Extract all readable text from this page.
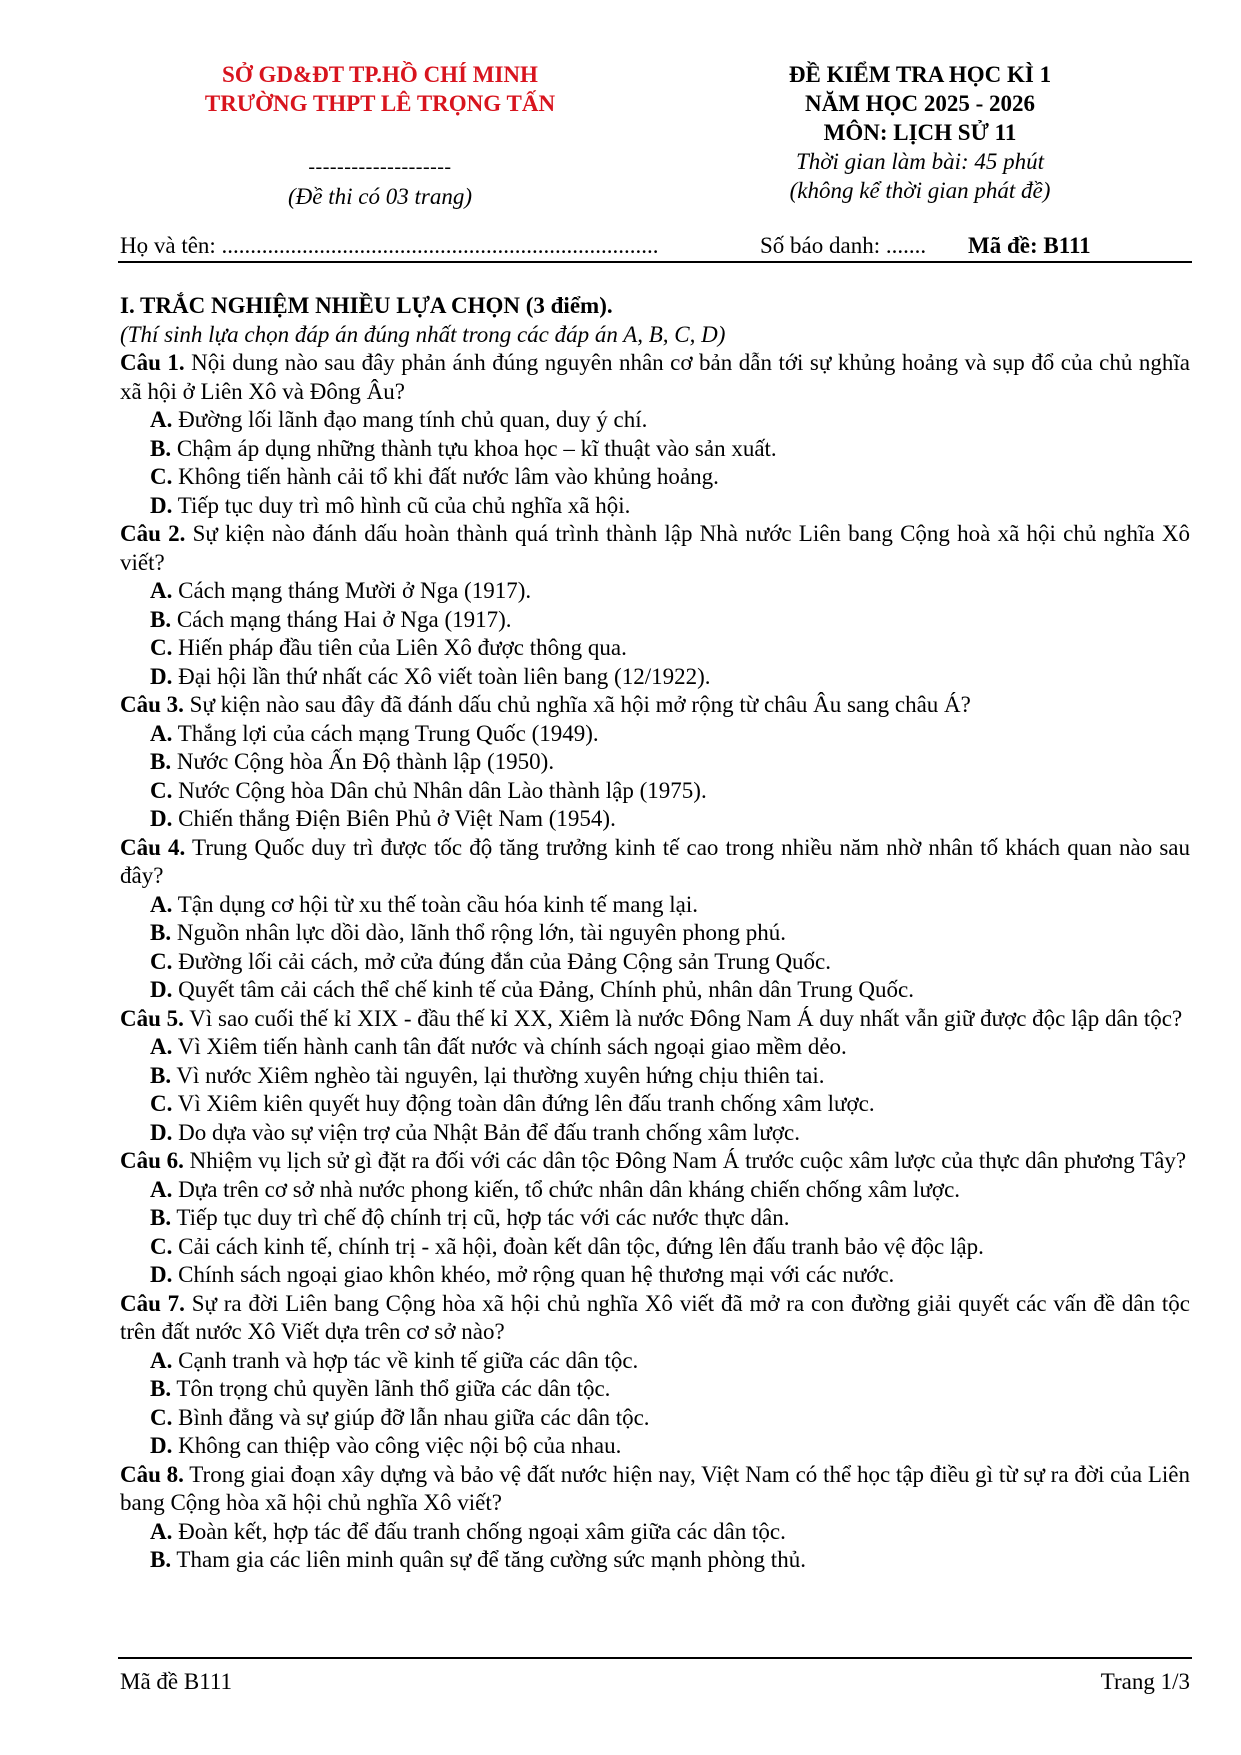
SỞ GD&ĐT TP.HỒ CHÍ MINH
TRƯỜNG THPT LÊ TRỌNG TẤN
--------------------
(Đề thi có 03 trang)
ĐỀ KIỂM TRA HỌC KÌ 1
NĂM HỌC 2025 - 2026
MÔN: LỊCH SỬ 11
Thời gian làm bài: 45 phút
(không kể thời gian phát đề)
Họ và tên: ............................................................................	Số báo danh: ....... Mã đề: B111
I. TRẮC NGHIỆM NHIỀU LỰA CHỌN (3 điểm).
(Thí sinh lựa chọn đáp án đúng nhất trong các đáp án A, B, C, D)
Câu 1. Nội dung nào sau đây phản ánh đúng nguyên nhân cơ bản dẫn tới sự khủng hoảng và sụp đổ của chủ nghĩa xã hội ở Liên Xô và Đông Âu?
A. Đường lối lãnh đạo mang tính chủ quan, duy ý chí.
B. Chậm áp dụng những thành tựu khoa học – kĩ thuật vào sản xuất.
C. Không tiến hành cải tổ khi đất nước lâm vào khủng hoảng.
D. Tiếp tục duy trì mô hình cũ của chủ nghĩa xã hội.
Câu 2. Sự kiện nào đánh dấu hoàn thành quá trình thành lập Nhà nước Liên bang Cộng hoà xã hội chủ nghĩa Xô viết?
A. Cách mạng tháng Mười ở Nga (1917).
B. Cách mạng tháng Hai ở Nga (1917).
C. Hiến pháp đầu tiên của Liên Xô được thông qua.
D. Đại hội lần thứ nhất các Xô viết toàn liên bang (12/1922).
Câu 3. Sự kiện nào sau đây đã đánh dấu chủ nghĩa xã hội mở rộng từ châu Âu sang châu Á?
A. Thắng lợi của cách mạng Trung Quốc (1949).
B. Nước Cộng hòa Ấn Độ thành lập (1950).
C. Nước Cộng hòa Dân chủ Nhân dân Lào thành lập (1975).
D. Chiến thắng Điện Biên Phủ ở Việt Nam (1954).
Câu 4. Trung Quốc duy trì được tốc độ tăng trưởng kinh tế cao trong nhiều năm nhờ nhân tố khách quan nào sau đây?
A. Tận dụng cơ hội từ xu thế toàn cầu hóa kinh tế mang lại.
B. Nguồn nhân lực dồi dào, lãnh thổ rộng lớn, tài nguyên phong phú.
C. Đường lối cải cách, mở cửa đúng đắn của Đảng Cộng sản Trung Quốc.
D. Quyết tâm cải cách thể chế kinh tế của Đảng, Chính phủ, nhân dân Trung Quốc.
Câu 5. Vì sao cuối thế kỉ XIX - đầu thế kỉ XX, Xiêm là nước Đông Nam Á duy nhất vẫn giữ được độc lập dân tộc?
A. Vì Xiêm tiến hành canh tân đất nước và chính sách ngoại giao mềm dẻo.
B. Vì nước Xiêm nghèo tài nguyên, lại thường xuyên hứng chịu thiên tai.
C. Vì Xiêm kiên quyết huy động toàn dân đứng lên đấu tranh chống xâm lược.
D. Do dựa vào sự viện trợ của Nhật Bản để đấu tranh chống xâm lược.
Câu 6. Nhiệm vụ lịch sử gì đặt ra đối với các dân tộc Đông Nam Á trước cuộc xâm lược của thực dân phương Tây?
A. Dựa trên cơ sở nhà nước phong kiến, tổ chức nhân dân kháng chiến chống xâm lược.
B. Tiếp tục duy trì chế độ chính trị cũ, hợp tác với các nước thực dân.
C. Cải cách kinh tế, chính trị - xã hội, đoàn kết dân tộc, đứng lên đấu tranh bảo vệ độc lập.
D. Chính sách ngoại giao khôn khéo, mở rộng quan hệ thương mại với các nước.
Câu 7. Sự ra đời Liên bang Cộng hòa xã hội chủ nghĩa Xô viết đã mở ra con đường giải quyết các vấn đề dân tộc trên đất nước Xô Viết dựa trên cơ sở nào?
A. Cạnh tranh và hợp tác về kinh tế giữa các dân tộc.
B. Tôn trọng chủ quyền lãnh thổ giữa các dân tộc.
C. Bình đẳng và sự giúp đỡ lẫn nhau giữa các dân tộc.
D. Không can thiệp vào công việc nội bộ của nhau.
Câu 8. Trong giai đoạn xây dựng và bảo vệ đất nước hiện nay, Việt Nam có thể học tập điều gì từ sự ra đời của Liên bang Cộng hòa xã hội chủ nghĩa Xô viết?
A. Đoàn kết, hợp tác để đấu tranh chống ngoại xâm giữa các dân tộc.
B. Tham gia các liên minh quân sự để tăng cường sức mạnh phòng thủ.
Mã đề B111	Trang 1/3
